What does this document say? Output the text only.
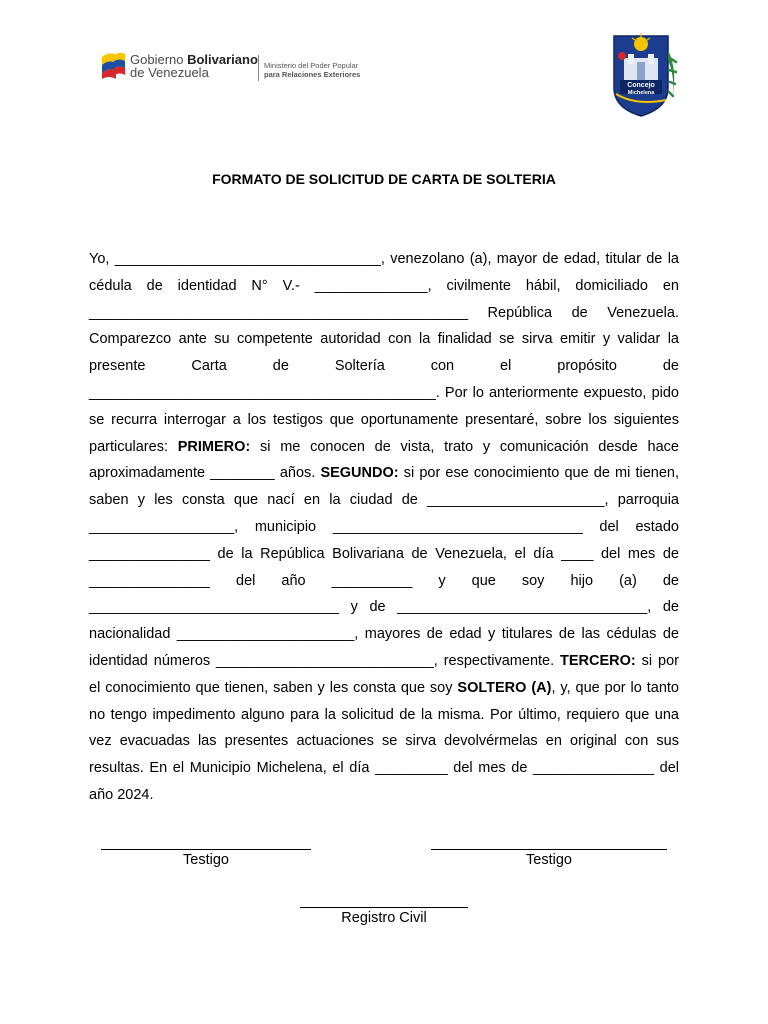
Gobierno Bolivariano
de Venezuela	Ministerio del Poder Popular
para Relaciones Exteriores
Concejo
Michelena
FORMATO DE SOLICITUD DE CARTA DE SOLTERIA

Yo, _________________________________, venezolano (a), mayor de edad, titular de la cédula de identidad N° V.- ______________, civilmente hábil, domiciliado en _______________________________________________ República de Venezuela. Comparezco ante su competente autoridad con la finalidad se sirva emitir y validar la presente Carta de Soltería con el propósito de ___________________________________________. Por lo anteriormente expuesto, pido se recurra interrogar a los testigos que oportunamente presentaré, sobre los siguientes particulares: PRIMERO: si me conocen de vista, trato y comunicación desde hace aproximadamente ________ años. SEGUNDO: si por ese conocimiento que de mi tienen, saben y les consta que nací en la ciudad de ______________________, parroquia __________________, municipio _______________________________ del estado _______________ de la República Bolivariana de Venezuela, el día ____ del mes de _______________ del año __________ y que soy hijo (a) de _______________________________ y de _______________________________, de nacionalidad ______________________, mayores de edad y titulares de las cédulas de identidad números ___________________________, respectivamente. TERCERO: si por el conocimiento que tienen, saben y les consta que soy SOLTERO (A), y, que por lo tanto no tengo impedimento alguno para la solicitud de la misma. Por último, requiero que una vez evacuadas las presentes actuaciones se sirva devolvérmelas en original con sus resultas. En el Municipio Michelena, el día _________ del mes de _______________ del año 2024.

Testigo	Testigo
Registro Civil
